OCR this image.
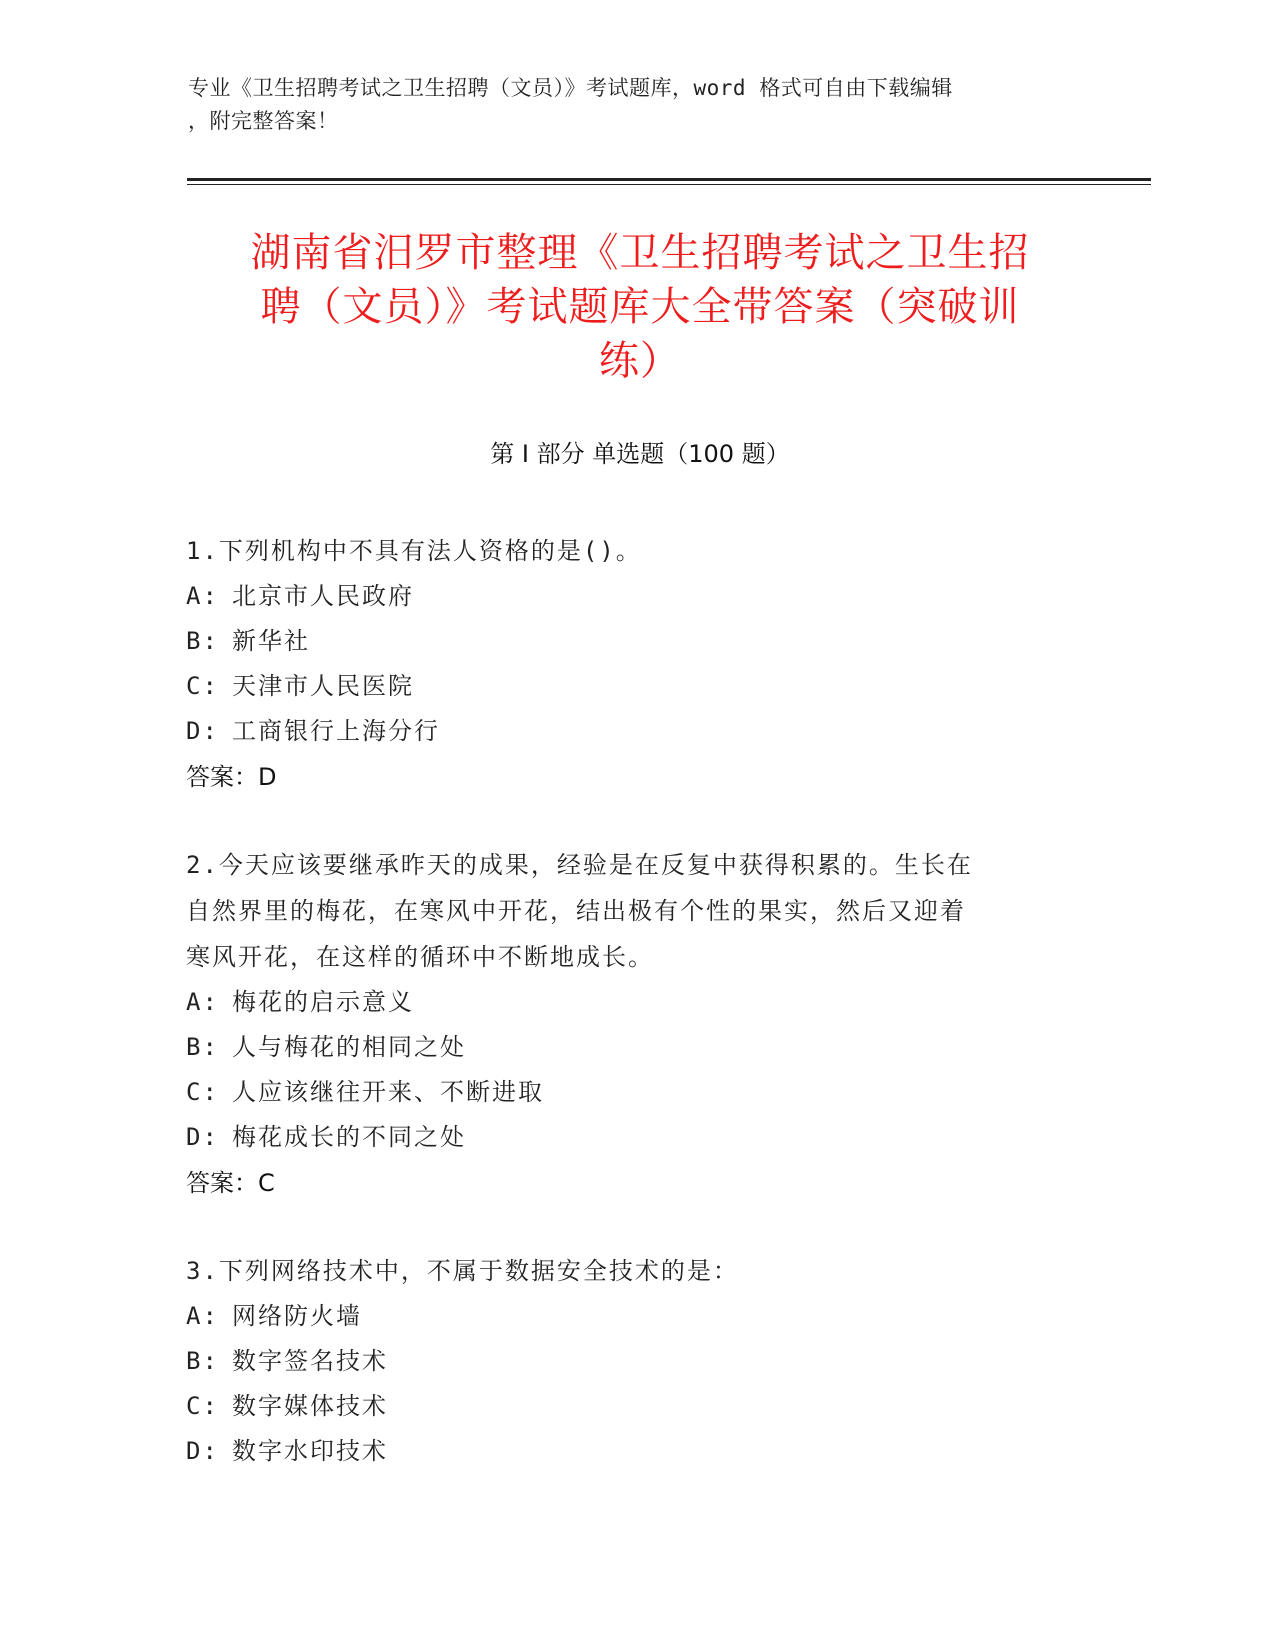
专业《卫生招聘考试之卫生招聘（文员）》考试题库，word 格式可自由下载编辑
，附完整答案！
湖南省汨罗市整理《卫生招聘考试之卫生招
聘（文员）》考试题库大全带答案（突破训
练）
第 I 部分 单选题（100 题）
1.下列机构中不具有法人资格的是()。
A: 北京市人民政府
B: 新华社
C: 天津市人民医院
D: 工商银行上海分行
答案：D
2.今天应该要继承昨天的成果，经验是在反复中获得积累的。生长在
自然界里的梅花，在寒风中开花，结出极有个性的果实，然后又迎着
寒风开花，在这样的循环中不断地成长。
A: 梅花的启示意义
B: 人与梅花的相同之处
C: 人应该继往开来、不断进取
D: 梅花成长的不同之处
答案：C
3.下列网络技术中，不属于数据安全技术的是：
A: 网络防火墙
B: 数字签名技术
C: 数字媒体技术
D: 数字水印技术
